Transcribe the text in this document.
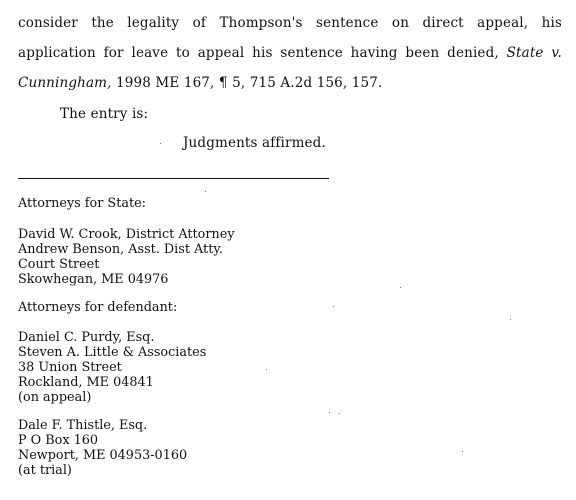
consider the legality of Thompson's sentence on direct appeal, his
application for leave to appeal his sentence having been denied, State v.
Cunningham, 1998 ME 167, ¶ 5, 715 A.2d 156, 157.
The entry is:
Judgments affirmed.
Attorneys for State:
David W. Crook, District Attorney
Andrew Benson, Asst. Dist Atty.
Court Street
Skowhegan, ME 04976
Attorneys for defendant:
Daniel C. Purdy, Esq.
Steven A. Little & Associates
38 Union Street
Rockland, ME 04841
(on appeal)
Dale F. Thistle, Esq.
P O Box 160
Newport, ME 04953-0160
(at trial)
